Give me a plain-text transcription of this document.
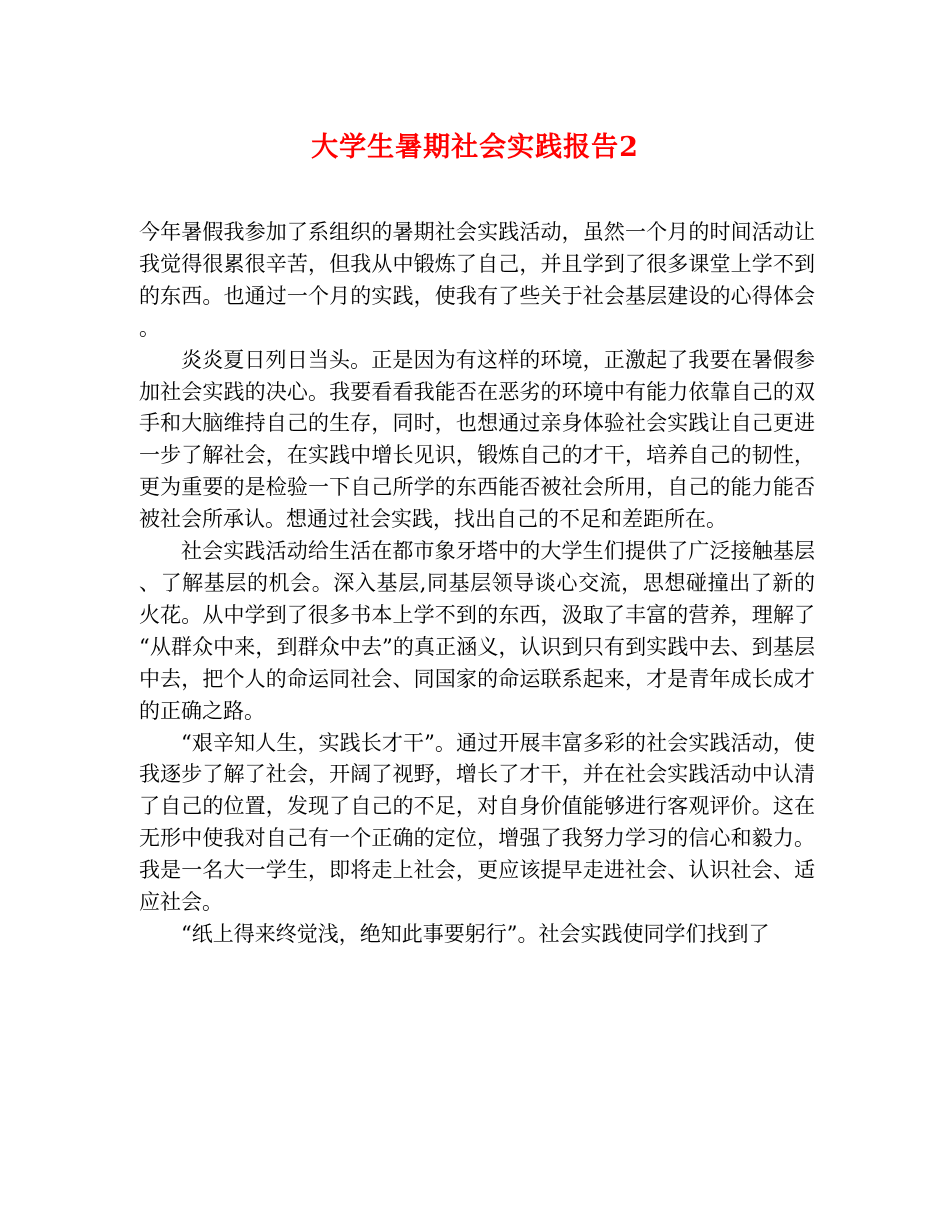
大学生暑期社会实践报告2

今年暑假我参加了系组织的暑期社会实践活动，虽然一个月的时间活动让我觉得很累很辛苦，但我从中锻炼了自己，并且学到了很多课堂上学不到的东西。也通过一个月的实践，使我有了些关于社会基层建设的心得体会。

炎炎夏日列日当头。正是因为有这样的环境，正激起了我要在暑假参加社会实践的决心。我要看看我能否在恶劣的环境中有能力依靠自己的双手和大脑维持自己的生存，同时，也想通过亲身体验社会实践让自己更进一步了解社会，在实践中增长见识，锻炼自己的才干，培养自己的韧性，更为重要的是检验一下自己所学的东西能否被社会所用，自己的能力能否被社会所承认。想通过社会实践，找出自己的不足和差距所在。

社会实践活动给生活在都市象牙塔中的大学生们提供了广泛接触基层、了解基层的机会。深入基层,同基层领导谈心交流，思想碰撞出了新的火花。从中学到了很多书本上学不到的东西，汲取了丰富的营养，理解了“从群众中来，到群众中去”的真正涵义，认识到只有到实践中去、到基层中去，把个人的命运同社会、同国家的命运联系起来，才是青年成长成才的正确之路。

“艰辛知人生，实践长才干”。通过开展丰富多彩的社会实践活动，使我逐步了解了社会，开阔了视野，增长了才干，并在社会实践活动中认清了自己的位置，发现了自己的不足，对自身价值能够进行客观评价。这在无形中使我对自己有一个正确的定位，增强了我努力学习的信心和毅力。我是一名大一学生，即将走上社会，更应该提早走进社会、认识社会、适应社会。

“纸上得来终觉浅，绝知此事要躬行”。社会实践使同学们找到了
